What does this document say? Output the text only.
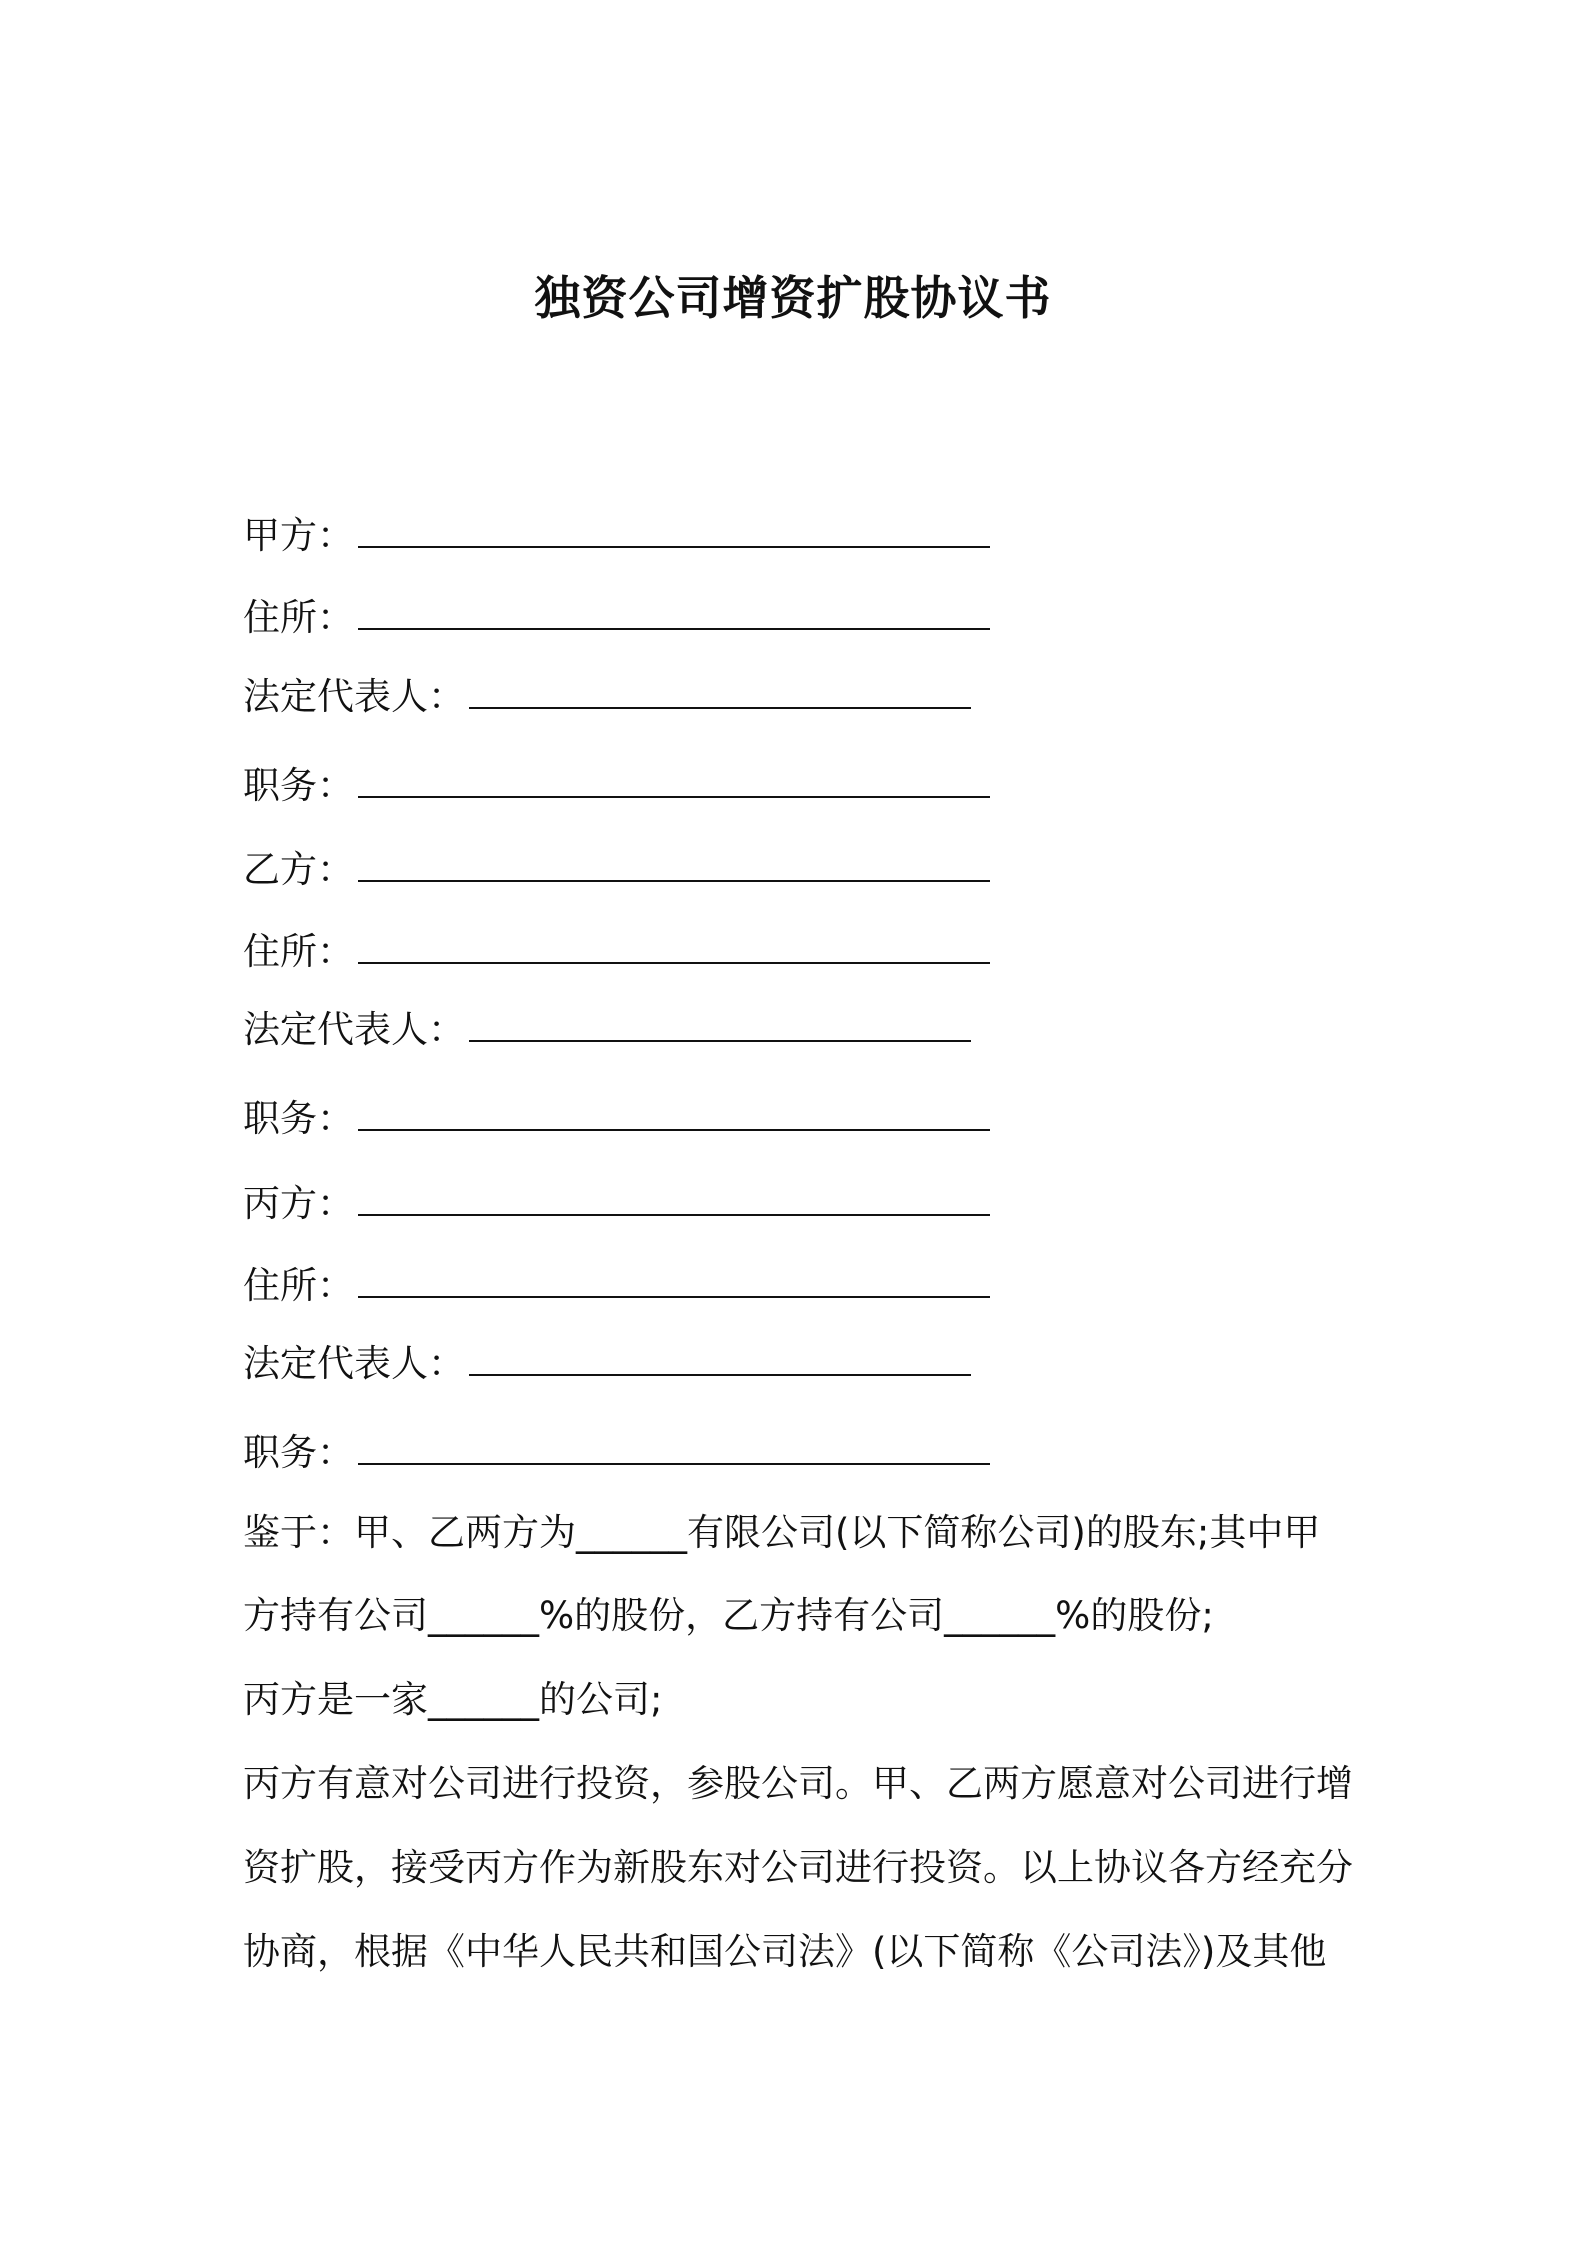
独资公司增资扩股协议书
甲方：
住所：
法定代表人：
职务：
乙方：
住所：
法定代表人：
职务：
丙方：
住所：
法定代表人：
职务：
鉴于：甲、乙两方为______有限公司(以下简称公司)的股东;其中甲
方持有公司______%的股份，乙方持有公司______%的股份;
丙方是一家______的公司;
丙方有意对公司进行投资，参股公司。甲、乙两方愿意对公司进行增
资扩股，接受丙方作为新股东对公司进行投资。以上协议各方经充分
协商，根据《中华人民共和国公司法》(以下简称《公司法》)及其他
